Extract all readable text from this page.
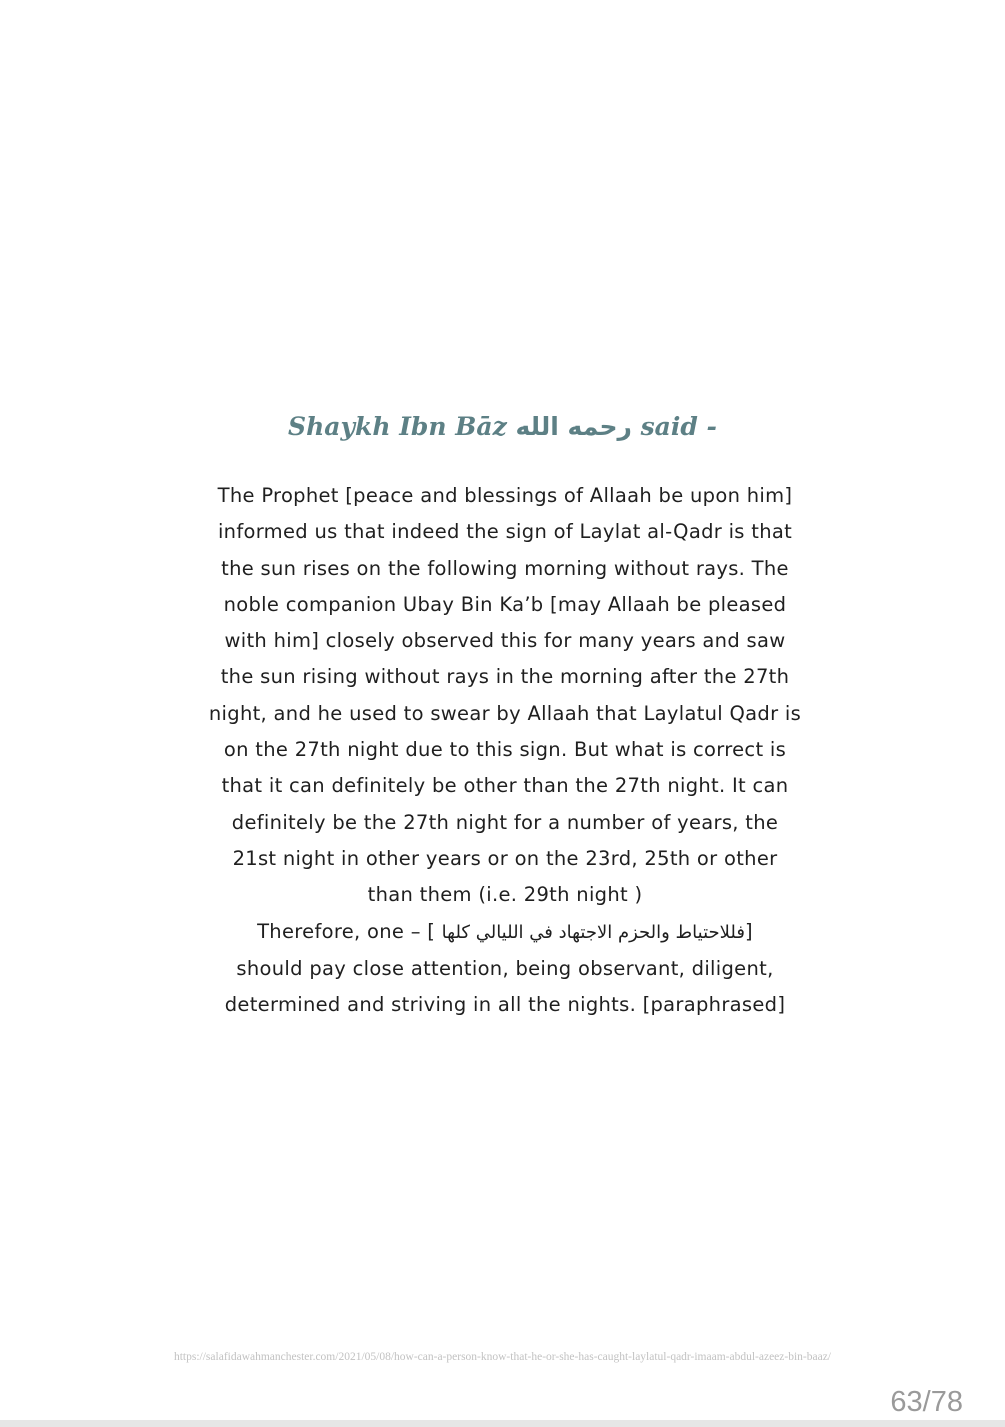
Shaykh Ibn Bāz رحمه الله said -
The Prophet [peace and blessings of Allaah be upon him]
informed us that indeed the sign of Laylat al-Qadr is that
the sun rises on the following morning without rays. The
noble companion Ubay Bin Ka’b [may Allaah be pleased
with him] closely observed this for many years and saw
the sun rising without rays in the morning after the 27th
night, and he used to swear by Allaah that Laylatul Qadr is
on the 27th night due to this sign. But what is correct is
that it can definitely be other than the 27th night. It can
definitely be the 27th night for a number of years, the
21st night in other years or on the 23rd, 25th or other
than them (i.e. 29th night )
Therefore, one – [ فللاحتياط والحزم الاجتهاد في الليالي كلها]
should pay close attention, being observant, diligent,
determined and striving in all the nights. [paraphrased]
https://salafidawahmanchester.com/2021/05/08/how-can-a-person-know-that-he-or-she-has-caught-laylatul-qadr-imaam-abdul-azeez-bin-baaz/
63/78
